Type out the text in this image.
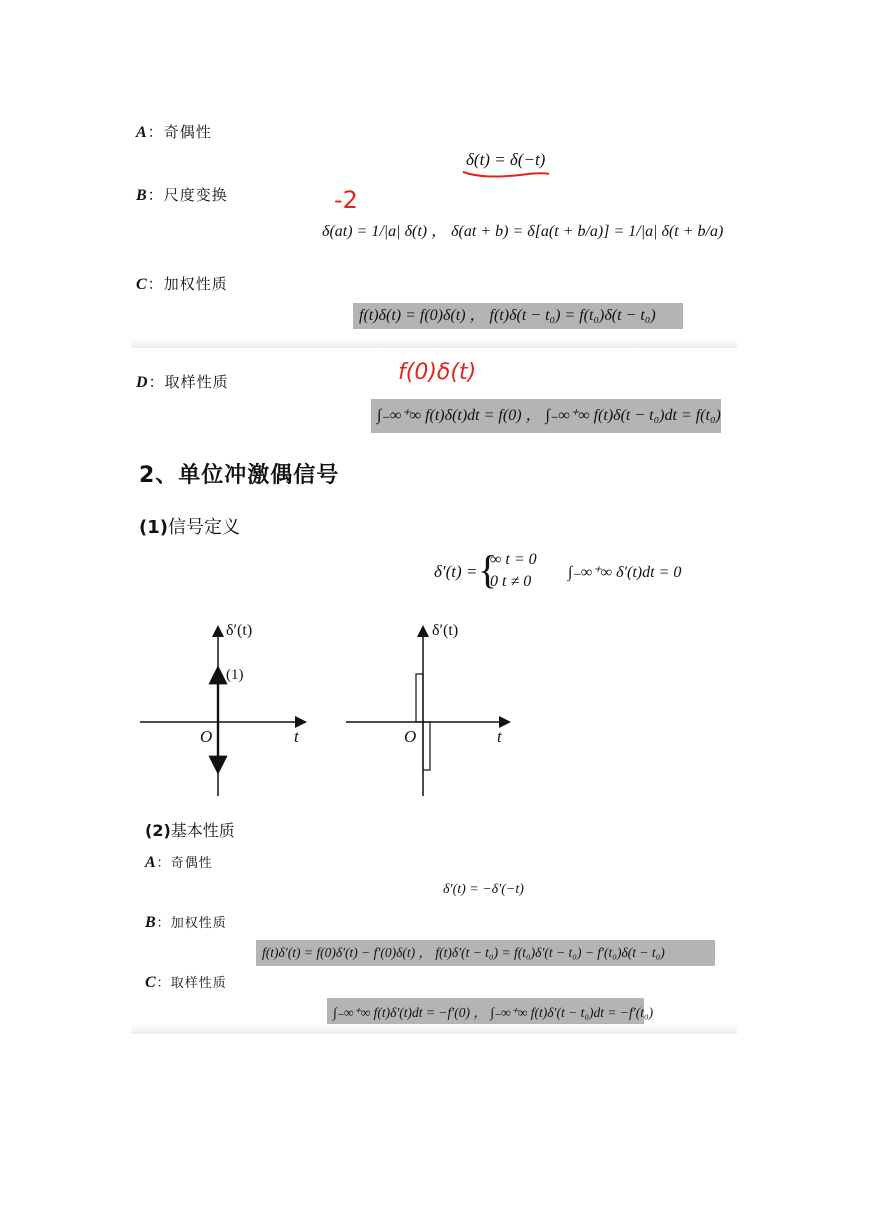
A：奇偶性
δ(t) = δ(−t)
B：尺度变换	-2
δ(at) = 1/|a| δ(t) ， δ(at + b) = δ[a(t + b/a)] = 1/|a| δ(t + b/a)
C：加权性质
f(t)δ(t) = f(0)δ(t) ， f(t)δ(t − t₀) = f(t₀)δ(t − t₀)
D：取样性质	f(0)δ(t)
∫₋∞⁺∞ f(t)δ(t)dt = f(0) ， ∫₋∞⁺∞ f(t)δ(t − t₀)dt = f(t₀)
2、单位冲激偶信号
(1)信号定义
δ′(t) = {
∞ t = 0
0 t ≠ 0
∫₋∞⁺∞ δ′(t)dt = 0
δ′(t)
(1)
O	t
δ′(t)
O	t
(2)基本性质
A：奇偶性
δ′(t) = −δ′(−t)
B：加权性质
f(t)δ′(t) = f(0)δ′(t) − f′(0)δ(t) ， f(t)δ′(t − t₀) = f(t₀)δ′(t − t₀) − f′(t₀)δ(t − t₀)
C：取样性质
∫₋∞⁺∞ f(t)δ′(t)dt = −f′(0) ， ∫₋∞⁺∞ f(t)δ′(t − t₀)dt = −f′(t₀)
